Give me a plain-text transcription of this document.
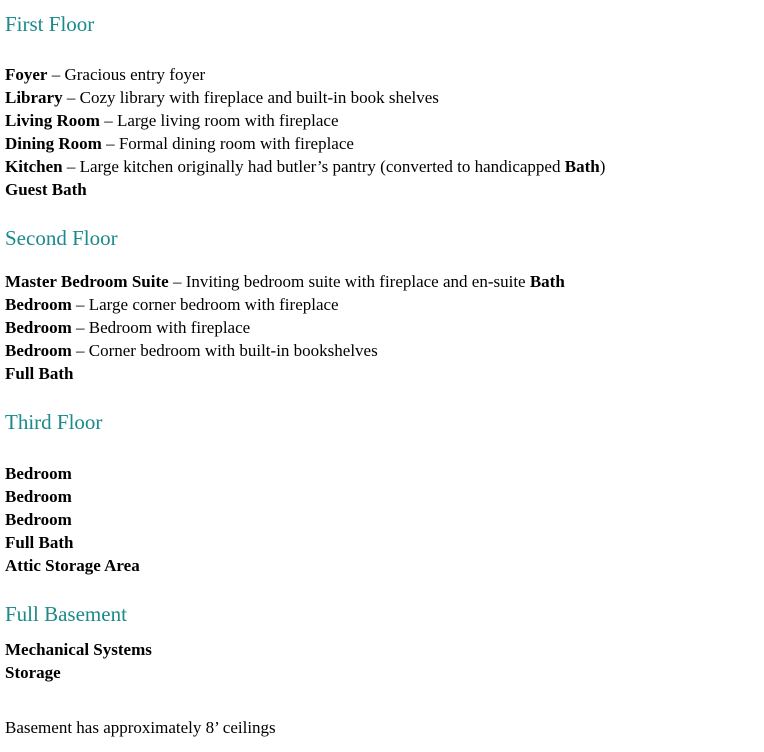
First Floor
Foyer – Gracious entry foyer
Library – Cozy library with fireplace and built-in book shelves
Living Room – Large living room with fireplace
Dining Room – Formal dining room with fireplace
Kitchen – Large kitchen originally had butler’s pantry (converted to handicapped Bath)
Guest Bath
Second Floor
Master Bedroom Suite – Inviting bedroom suite with fireplace and en-suite Bath
Bedroom – Large corner bedroom with fireplace
Bedroom – Bedroom with fireplace
Bedroom – Corner bedroom with built-in bookshelves
Full Bath
Third Floor
Bedroom
Bedroom
Bedroom
Full Bath
Attic Storage Area
Full Basement
Mechanical Systems
Storage
Basement has approximately 8’ ceilings
